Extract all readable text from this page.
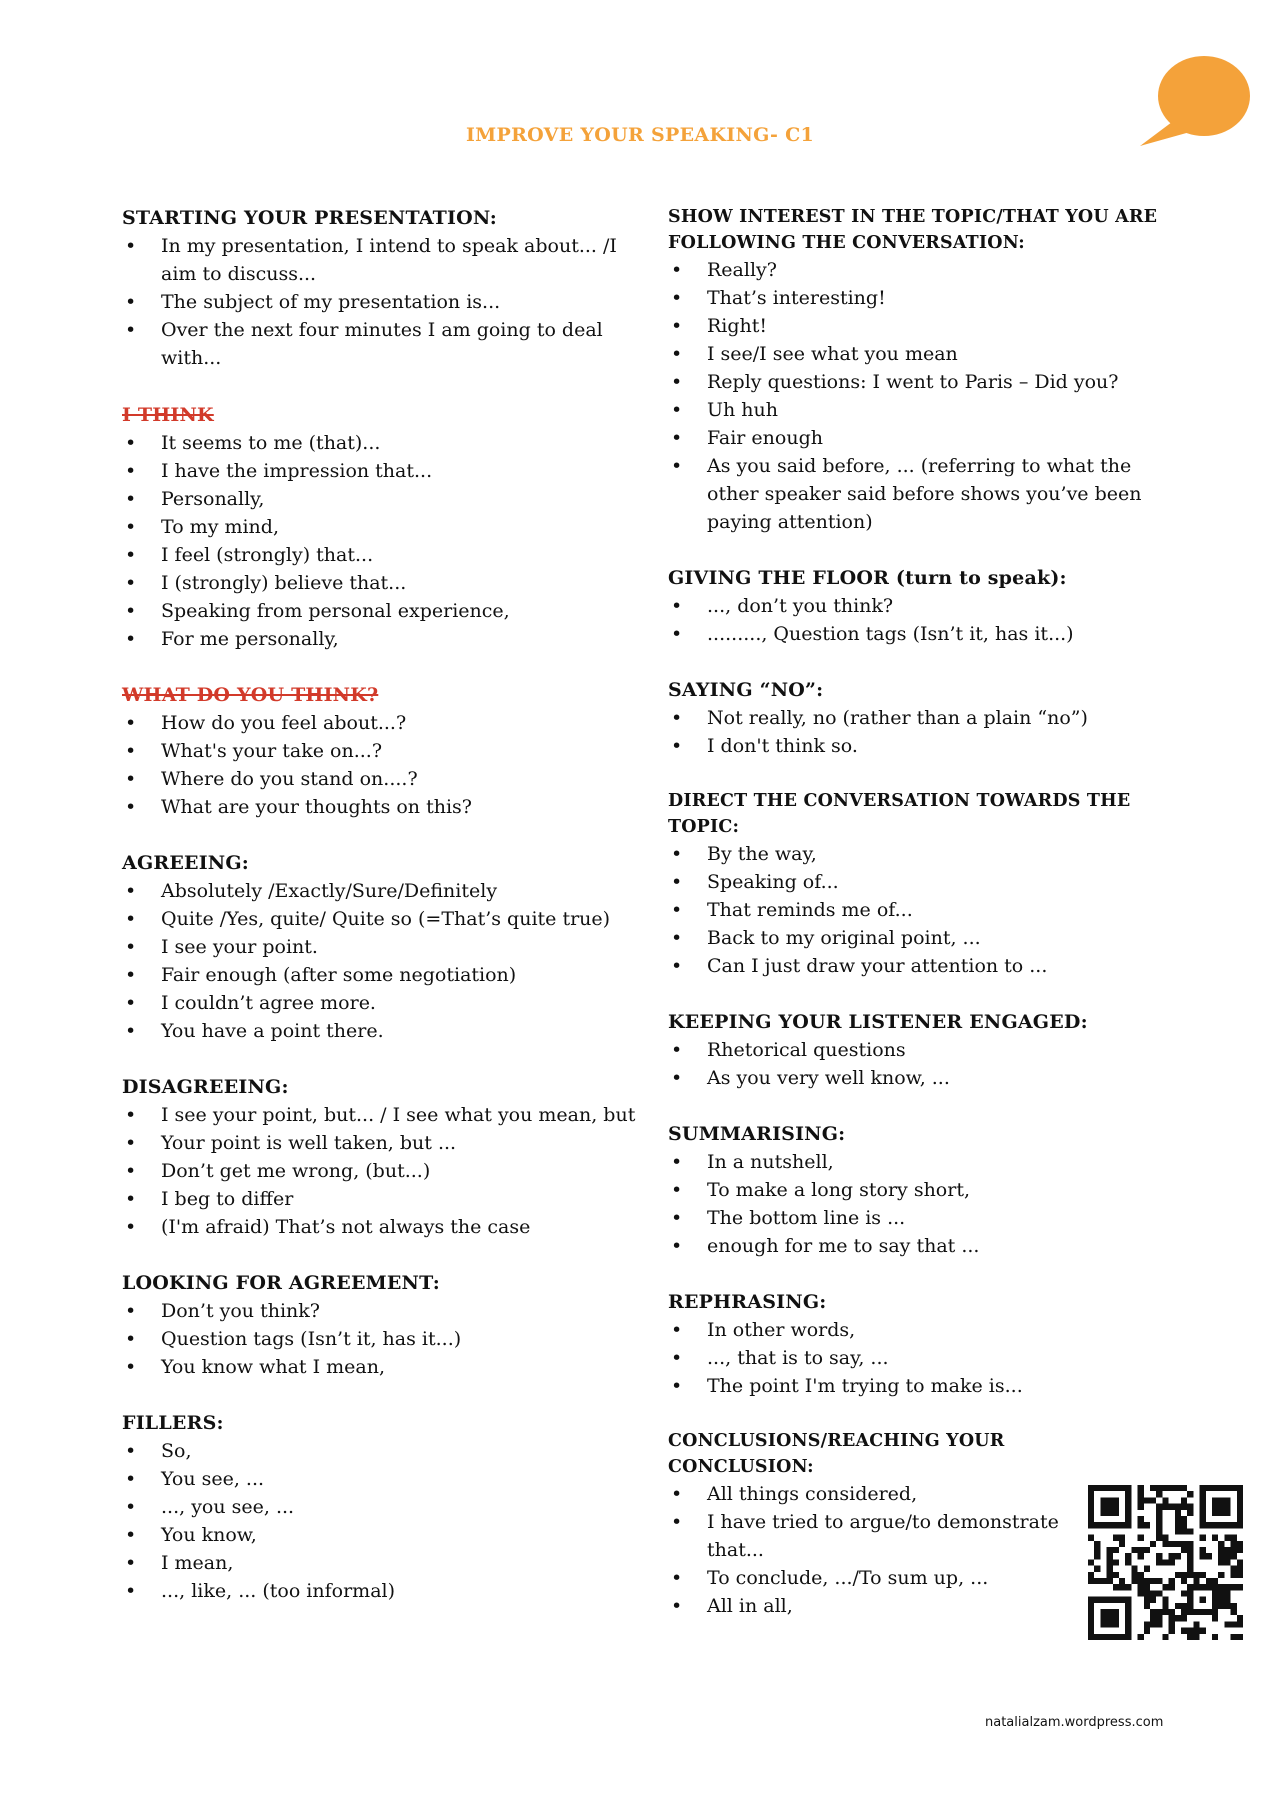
IMPROVE YOUR SPEAKING- C1
STARTING YOUR PRESENTATION:
• In my presentation, I intend to speak about... /I aim to discuss...
• The subject of my presentation is...
• Over the next four minutes I am going to deal with...
I THINK
• It seems to me (that)...
• I have the impression that...
• Personally,
• To my mind,
• I feel (strongly) that...
• I (strongly) believe that...
• Speaking from personal experience,
• For me personally,
WHAT DO YOU THINK?
• How do you feel about...?
• What's your take on...?
• Where do you stand on....?
• What are your thoughts on this?
AGREEING:
• Absolutely /Exactly/Sure/Definitely
• Quite /Yes, quite/ Quite so (=That’s quite true)
• I see your point.
• Fair enough (after some negotiation)
• I couldn’t agree more.
• You have a point there.
DISAGREEING:
• I see your point, but... / I see what you mean, but
• Your point is well taken, but ...
• Don’t get me wrong, (but...)
• I beg to differ
• (I'm afraid) That’s not always the case
LOOKING FOR AGREEMENT:
• Don’t you think?
• Question tags (Isn’t it, has it...)
• You know what I mean,
FILLERS:
• So,
• You see, ...
• ..., you see, ...
• You know,
• I mean,
• ..., like, ... (too informal)
SHOW INTEREST IN THE TOPIC/THAT YOU ARE FOLLOWING THE CONVERSATION:
• Really?
• That’s interesting!
• Right!
• I see/I see what you mean
• Reply questions: I went to Paris – Did you?
• Uh huh
• Fair enough
• As you said before, ... (referring to what the other speaker said before shows you’ve been paying attention)
GIVING THE FLOOR (turn to speak):
• ..., don’t you think?
• ........., Question tags (Isn’t it, has it...)
SAYING “NO”:
• Not really, no (rather than a plain “no”)
• I don't think so.
DIRECT THE CONVERSATION TOWARDS THE TOPIC:
• By the way,
• Speaking of...
• That reminds me of...
• Back to my original point, ...
• Can I just draw your attention to ...
KEEPING YOUR LISTENER ENGAGED:
• Rhetorical questions
• As you very well know, ...
SUMMARISING:
• In a nutshell,
• To make a long story short,
• The bottom line is ...
• enough for me to say that ...
REPHRASING:
• In other words,
• ..., that is to say, ...
• The point I'm trying to make is...
CONCLUSIONS/REACHING YOUR CONCLUSION:
• All things considered,
• I have tried to argue/to demonstrate that...
• To conclude, .../To sum up, ...
• All in all,
natalialzam.wordpress.com
